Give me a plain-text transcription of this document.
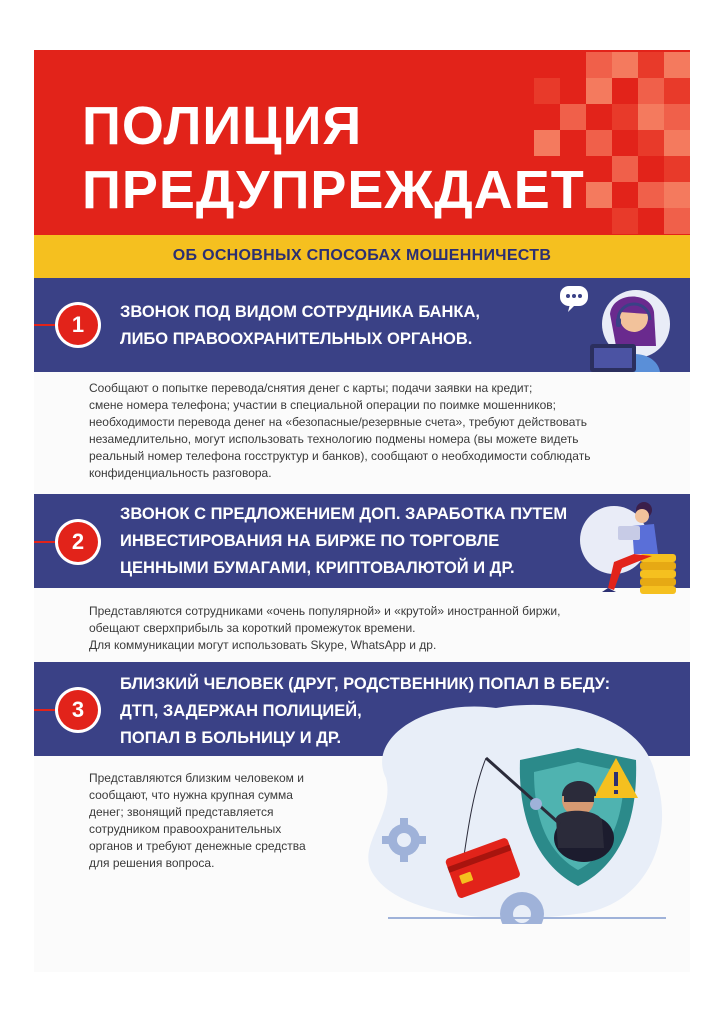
ПОЛИЦИЯ
ПРЕДУПРЕЖДАЕТ
ОБ ОСНОВНЫХ СПОСОБАХ МОШЕННИЧЕСТВ
1	ЗВОНОК ПОД ВИДОМ СОТРУДНИКА БАНКА,
ЛИБО ПРАВООХРАНИТЕЛЬНЫХ ОРГАНОВ.
Сообщают о попытке перевода/снятия денег с карты; подачи заявки на кредит;
смене номера телефона; участии в специальной операции по поимке мошенников;
необходимости перевода денег на «безопасные/резервные счета», требуют действовать
незамедлительно, могут использовать технологию подмены номера (вы можете видеть
реальный номер телефона госструктур и банков), сообщают о необходимости соблюдать
конфиденциальность разговора.
2
ЗВОНОК С ПРЕДЛОЖЕНИЕМ ДОП. ЗАРАБОТКА ПУТЕМ
ИНВЕСТИРОВАНИЯ НА БИРЖЕ ПО ТОРГОВЛЕ
ЦЕННЫМИ БУМАГАМИ, КРИПТОВАЛЮТОЙ И ДР.
Представляются сотрудниками «очень популярной» и «крутой» иностранной биржи,
обещают сверхприбыль за короткий промежуток времени.
Для коммуникации могут использовать Skype, WhatsApp и др.
3
БЛИЗКИЙ ЧЕЛОВЕК (ДРУГ, РОДСТВЕННИК) ПОПАЛ В БЕДУ:
ДТП, ЗАДЕРЖАН ПОЛИЦИЕЙ,
ПОПАЛ В БОЛЬНИЦУ И ДР.
Представляются близким человеком и
сообщают, что нужна крупная сумма
денег; звонящий представляется
сотрудником правоохранительных
органов и требуют денежные средства
для решения вопроса.
